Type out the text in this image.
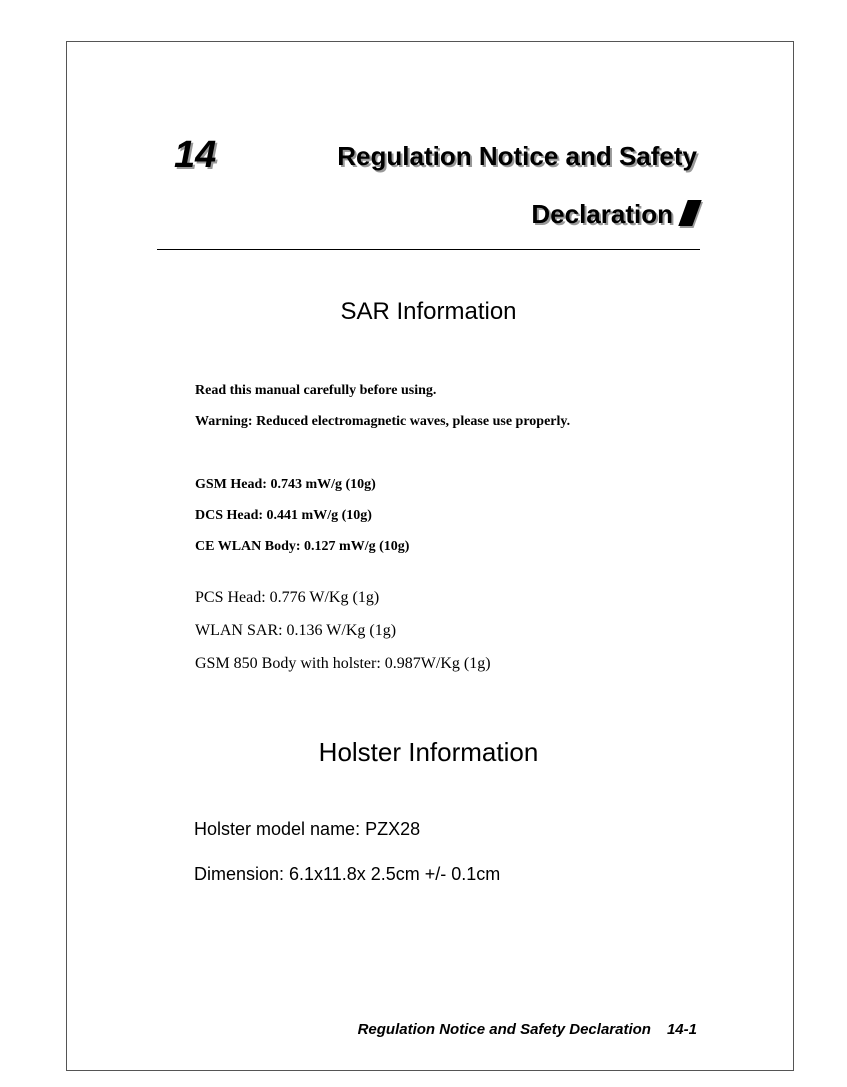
14	Regulation Notice and Safety
Declaration
SAR Information
Read this manual carefully before using.
Warning: Reduced electromagnetic waves, please use properly.
GSM Head: 0.743 mW/g (10g)
DCS Head: 0.441 mW/g (10g)
CE WLAN Body: 0.127 mW/g (10g)
PCS Head: 0.776 W/Kg (1g)
WLAN SAR: 0.136 W/Kg (1g)
GSM 850 Body with holster: 0.987W/Kg (1g)
Holster Information
Holster model name: PZX28
Dimension: 6.1x11.8x 2.5cm +/- 0.1cm
Regulation Notice and Safety Declaration 14-1
